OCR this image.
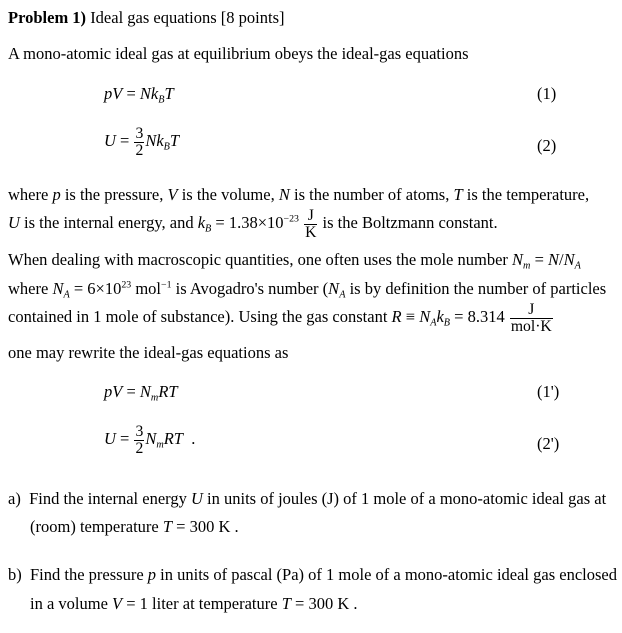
Problem 1) Ideal gas equations [8 points]
A mono-atomic ideal gas at equilibrium obeys the ideal-gas equations
pV = $Nk_BT$	(1)
$U = \frac{3}{2} Nk_BT$	(2)
where p is the pressure, V is the volume, N is the number of atoms, T is the temperature,
U is the internal energy, and $k_B = 1.38\times 10^{-23} \frac{J}{K}$ is the Boltzmann constant.
When dealing with macroscopic quantities, one often uses the mole number $N_m = N/N_A$
where $N_A = 6\times 10^{23}$ mol$^{-1}$ is Avogadro's number ($N_A$ is by definition the number of particles
contained in 1 mole of substance). Using the gas constant $R \equiv N_Ak_B = 8.314 \frac{J}{\text{mol·K}}$
one may rewrite the ideal-gas equations as
pV = $N_mRT$	(1')
$U = \frac{3}{2} N_mRT$  .	(2')
a) Find the internal energy U in units of joules (J) of 1 mole of a mono-atomic ideal gas at
(room) temperature T = 300 K .
b) Find the pressure p in units of pascal (Pa) of 1 mole of a mono-atomic ideal gas enclosed
in a volume V = 1 liter at temperature T = 300 K .
